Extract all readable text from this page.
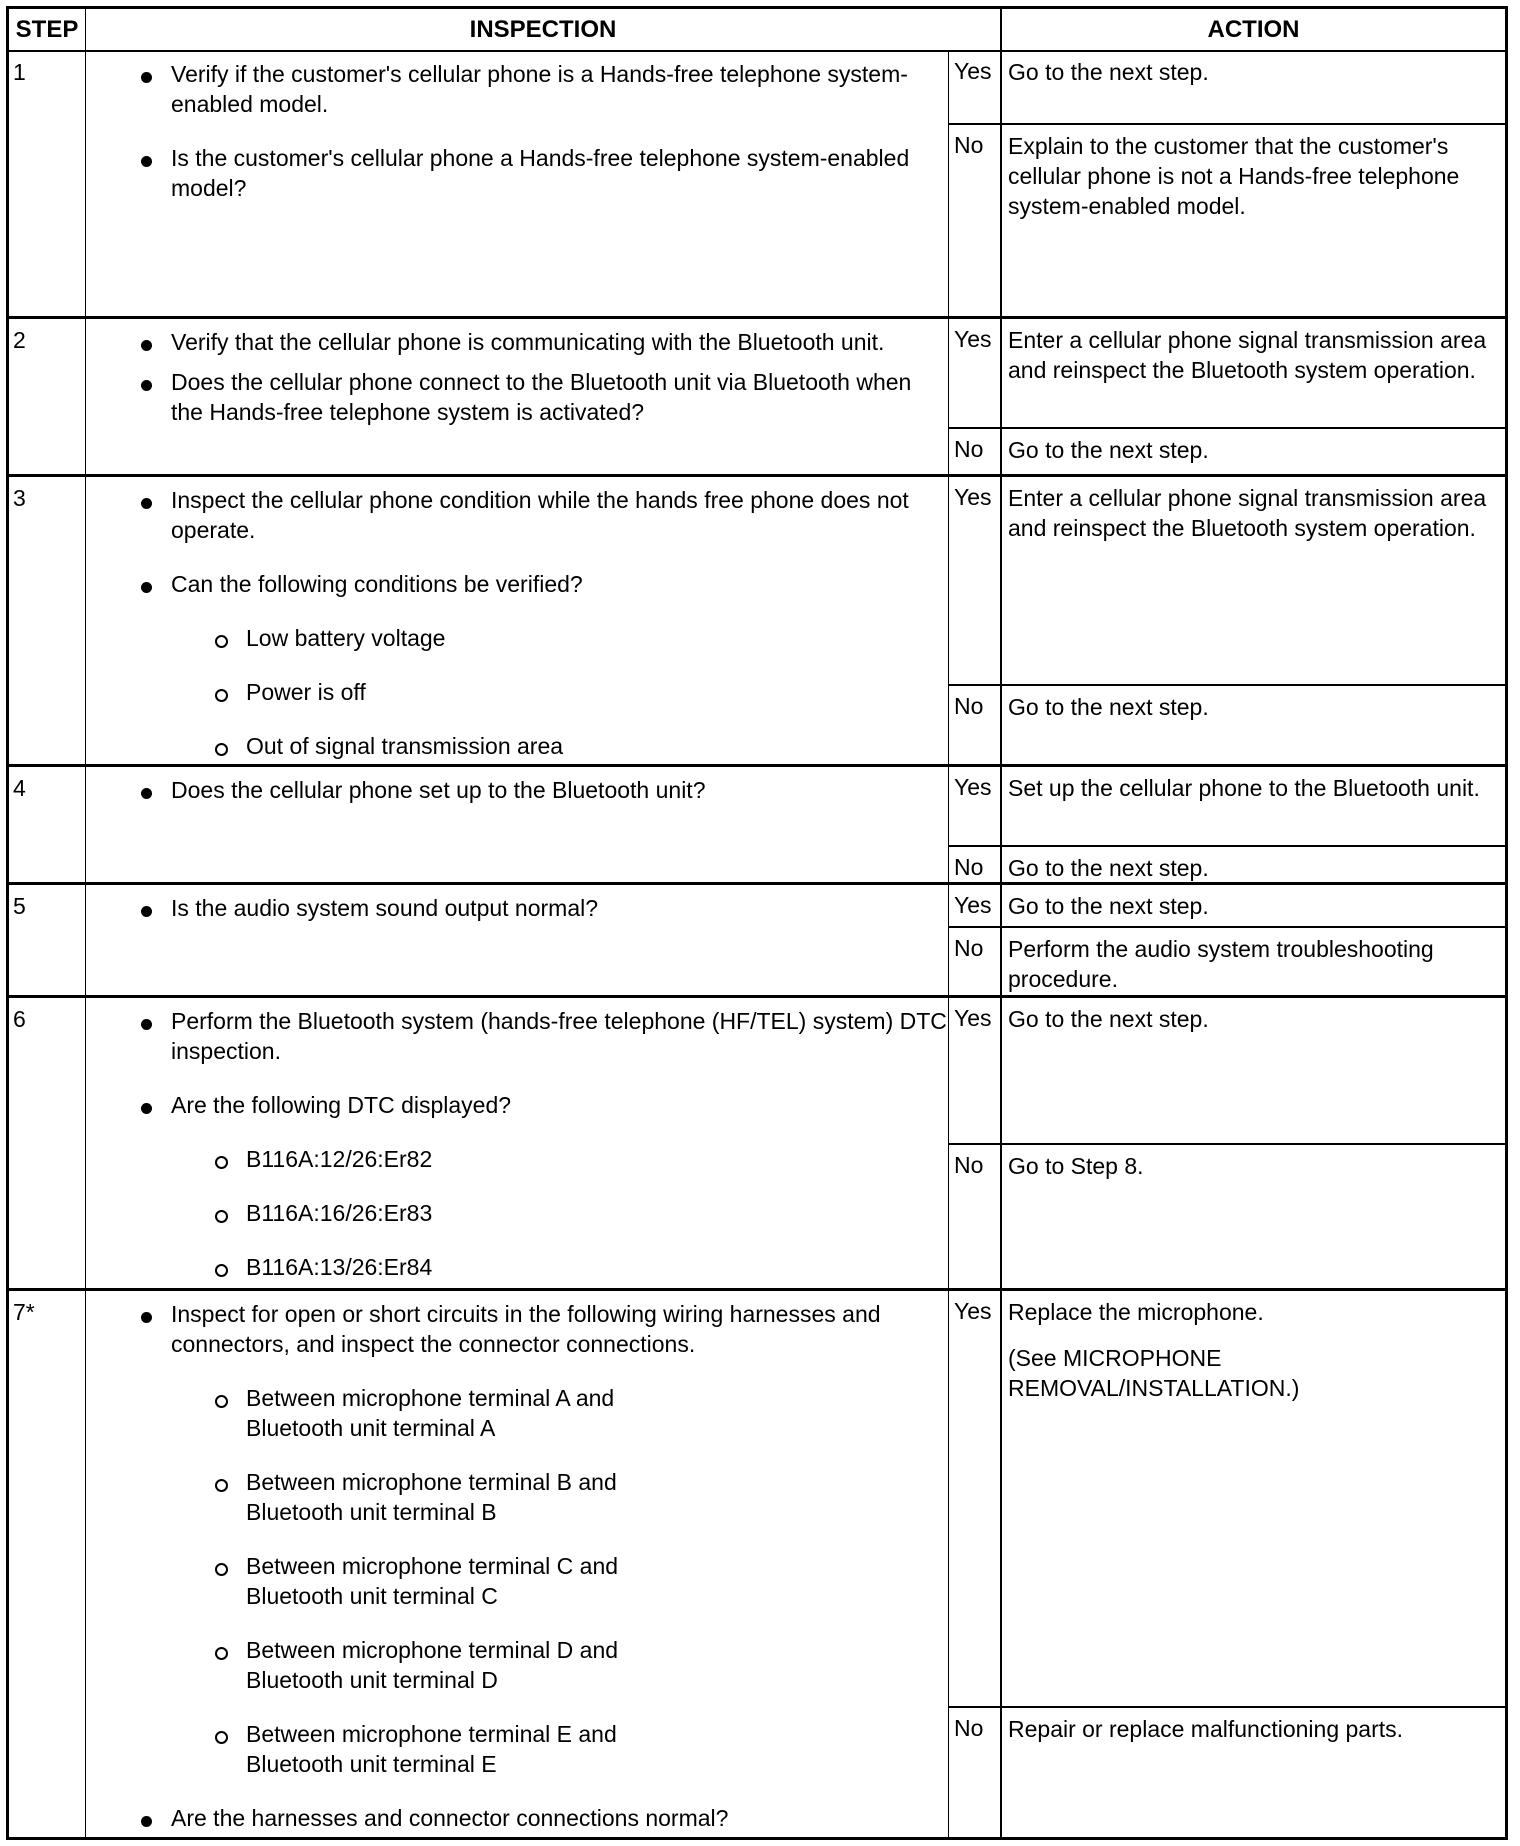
STEP	INSPECTION	ACTION
1	Verify if the customer's cellular phone is a Hands-free telephone system-enabled model.
Is the customer's cellular phone a Hands-free telephone system-enabled model?
Yes Go to the next step.
No	Explain to the customer that the customer's cellular phone is not a Hands-free telephone system-enabled model.
2	Verify that the cellular phone is communicating with the Bluetooth unit.
Does the cellular phone connect to the Bluetooth unit via Bluetooth when the Hands-free telephone system is activated?
Yes Enter a cellular phone signal transmission area and reinspect the Bluetooth system operation.
No	Go to the next step.
3	Inspect the cellular phone condition while the hands free phone does not operate.
Can the following conditions be verified?
Low battery voltage
Power is off
Out of signal transmission area
Yes Enter a cellular phone signal transmission area and reinspect the Bluetooth system operation.
No	Go to the next step.
4	Does the cellular phone set up to the Bluetooth unit?	Yes Set up the cellular phone to the Bluetooth unit.
No	Go to the next step.
5	Is the audio system sound output normal?	Yes Go to the next step.
No	Perform the audio system troubleshooting procedure.
6	Perform the Bluetooth system (hands-free telephone (HF/TEL) system) DTC inspection.
Are the following DTC displayed?
B116A:12/26:Er82
B116A:16/26:Er83
B116A:13/26:Er84
Yes Go to the next step.
No	Go to Step 8.
7*	Inspect for open or short circuits in the following wiring harnesses and connectors, and inspect the connector connections.
Between microphone terminal A and Bluetooth unit terminal A
Between microphone terminal B and Bluetooth unit terminal B
Between microphone terminal C and Bluetooth unit terminal C
Between microphone terminal D and Bluetooth unit terminal D
Between microphone terminal E and Bluetooth unit terminal E
Are the harnesses and connector connections normal?
Yes Replace the microphone.
(See MICROPHONE REMOVAL/INSTALLATION.)
No	Repair or replace malfunctioning parts.
